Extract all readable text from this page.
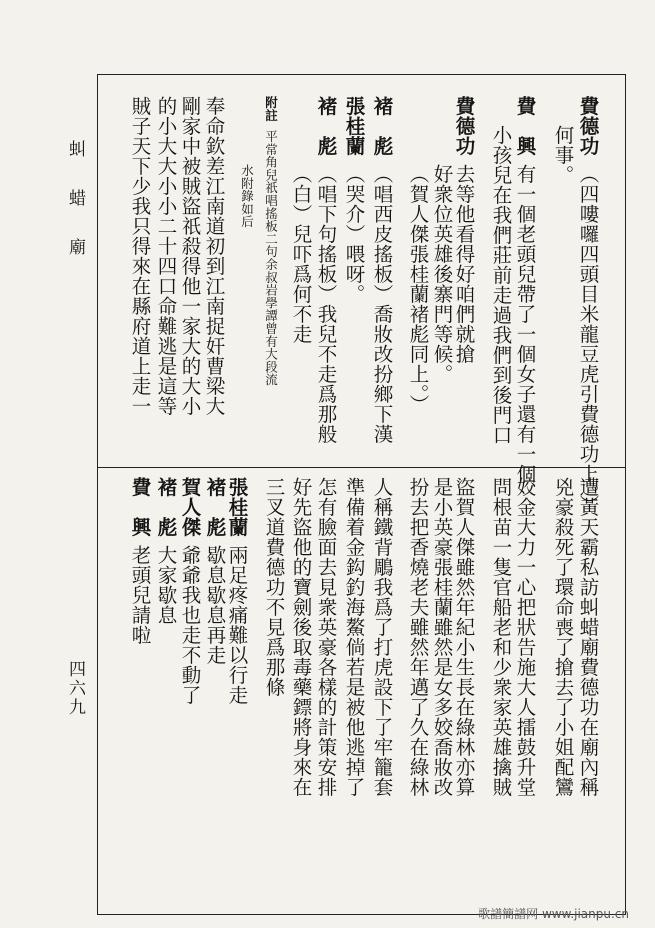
虯 蜡 廟
四六九
費德功
（四嘍囉四頭目米龍豆虎引費德功上。）
何事。
費　興
有一個老頭兒帶了一個女子還有一個
小孩兒在我們莊前走過我們到後門口
費德功
去等他看得好咱們就搶
好衆位英雄後寨門等候。
（賀人傑張桂蘭褚彪同上。）
褚　彪
（唱西皮搖板）喬妝改扮鄉下漢
張桂蘭
（哭介）喂呀。
褚　彪
（唱下句搖板）我兒不走爲那般
（白）兒吓爲何不走
附註
平常角兒祇唱搖板二句余叔岩學譚曾有大段流
水附錄如后
奉命欽差江南道初到江南捉奸曹梁大
剛家中被賊盜祇殺得他一家大的大小
的小大大小小二十四口命難逃是這等
賊子天下少我只得來在縣府道上走一
遭黃天霸私訪虯蜡廟費德功在廟內稱
兇豪殺死了環命喪了搶去了小姐配鸞
姣金大力一心把狀告施大人擂鼓升堂
問根苗一隻官船老和少衆家英雄擒賊
盜賀人傑雖然年紀小生長在綠林亦算
是小英豪張桂蘭雖然是女多姣喬妝改
扮去把香燒老夫雖然年邁了久在綠林
人稱鐵背鵰我爲了打虎設下了牢籠套
準備着金鈎釣海鰲倘若是被他逃掉了
怎有臉面去見衆英豪各樣的計策安排
好先盜他的寶劍後取毒藥鏢將身來在
三叉道費德功不見爲那條
張桂蘭
兩足疼痛難以行走
褚　彪
歇息歇息再走
賀人傑
爺爺我也走不動了
褚　彪
大家歇息
費　興
老頭兒請啦
歌譜簡譜网 www.jianpu.cn
